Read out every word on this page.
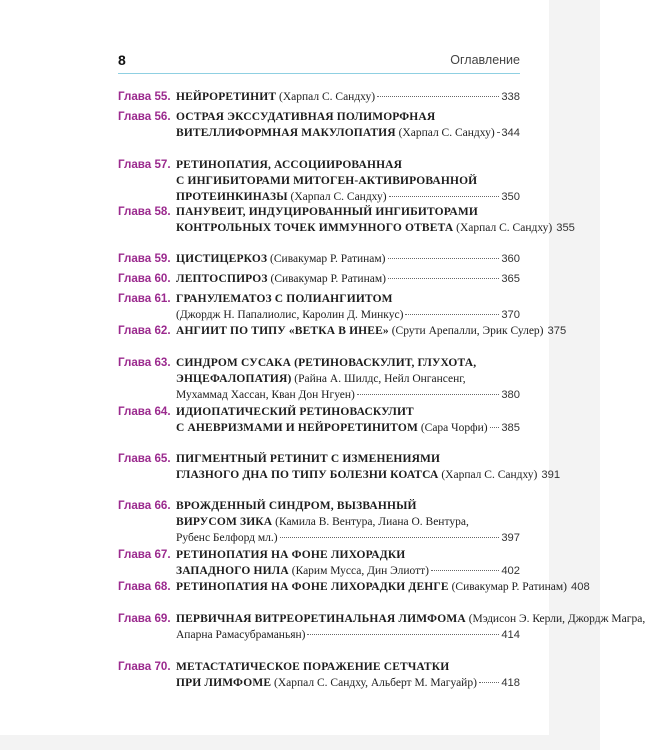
8	Оглавление
Глава 55. НЕЙРОРЕТИНИТ (Харпал С. Сандху)	338
Глава 56. ОСТРАЯ ЭКССУДАТИВНАЯ ПОЛИМОРФНАЯ
ВИТЕЛЛИФОРМНАЯ МАКУЛОПАТИЯ (Харпал С. Сандху) 344
Глава 57. РЕТИНОПАТИЯ, АССОЦИИРОВАННАЯ
С ИНГИБИТОРАМИ МИТОГЕН-АКТИВИРОВАННОЙ
ПРОТЕИНКИНАЗЫ (Харпал С. Сандху)	350
Глава 58. ПАНУВЕИТ, ИНДУЦИРОВАННЫЙ ИНГИБИТОРАМИ
КОНТРОЛЬНЫХ ТОЧЕК ИММУННОГО ОТВЕТА (Харпал С. Сандху) 355
Глава 59. ЦИСТИЦЕРКОЗ (Сивакумар Р. Ратинам)	360
Глава 60. ЛЕПТОСПИРОЗ (Сивакумар Р. Ратинам)	365
Глава 61. ГРАНУЛЕМАТОЗ С ПОЛИАНГИИТОМ
(Джордж Н. Папалиолис, Каролин Д. Минкус)	370
Глава 62. АНГИИТ ПО ТИПУ «ВЕТКА В ИНЕЕ» (Срути Арепалли, Эрик Сулер) 375
Глава 63. СИНДРОМ СУСАКА (РЕТИНОВАСКУЛИТ, ГЛУХОТА,
ЭНЦЕФАЛОПАТИЯ) (Райна А. Шилдс, Нейл Онгансенг,
Мухаммад Хассан, Кван Дон Нгуен)	380
Глава 64. ИДИОПАТИЧЕСКИЙ РЕТИНОВАСКУЛИТ
С АНЕВРИЗМАМИ И НЕЙРОРЕТИНИТОМ (Сара Чорфи) 385
Глава 65. ПИГМЕНТНЫЙ РЕТИНИТ С ИЗМЕНЕНИЯМИ
ГЛАЗНОГО ДНА ПО ТИПУ БОЛЕЗНИ КОАТСА (Харпал С. Сандху) 391
Глава 66. ВРОЖДЕННЫЙ СИНДРОМ, ВЫЗВАННЫЙ
ВИРУСОМ ЗИКА (Камила В. Вентура, Лиана О. Вентура,
Рубенс Белфорд мл.)	397
Глава 67. РЕТИНОПАТИЯ НА ФОНЕ ЛИХОРАДКИ
ЗАПАДНОГО НИЛА (Карим Мусса, Дин Элиотт)	402
Глава 68. РЕТИНОПАТИЯ НА ФОНЕ ЛИХОРАДКИ ДЕНГЕ (Сивакумар Р. Ратинам) 408
Глава 69. ПЕРВИЧНАЯ ВИТРЕОРЕТИНАЛЬНАЯ ЛИМФОМА (Мэдисон Э. Керли, Джордж Магра,
Апарна Рамасубраманьян)	414
Глава 70. МЕТАСТАТИЧЕСКОЕ ПОРАЖЕНИЕ СЕТЧАТКИ
ПРИ ЛИМФОМЕ (Харпал С. Сандху, Альберт М. Магуайр) 418
